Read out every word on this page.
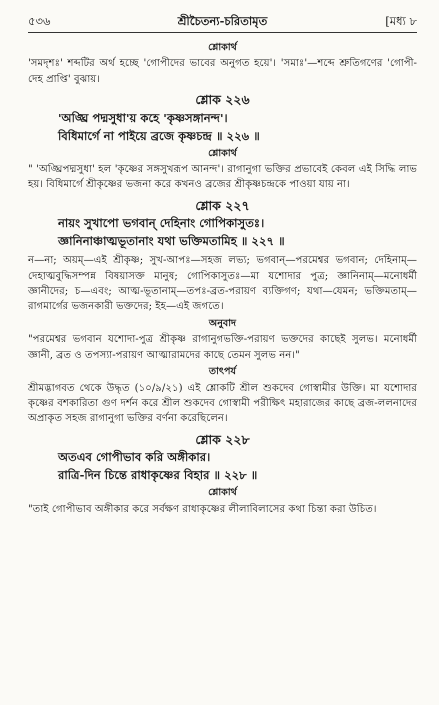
৫৩৬	শ্রীচৈতন্য-চরিতামৃত	[মধ্য ৮
শ্লোকার্থ

'সমদৃশঃ' শব্দটির অর্থ হচ্ছে 'গোপীদের ভাবের অনুগত হয়ে'। 'সমাঃ'—শব্দে শ্রুতিগণের 'গোপী-দেহ প্রাপ্তি' বুঝায়।

শ্লোক ২২৬

'অঙ্ঘ্রি পদ্মসুধা'য় কহে 'কৃষ্ণসঙ্গানন্দ'।

বিধিমার্গে না পাইয়ে ব্রজে কৃষ্ণচন্দ্র ॥ ২২৬ ॥

শ্লোকার্থ

" 'অঙ্ঘ্রিপদ্মসুধা' হল 'কৃষ্ণের সঙ্গসুখরূপ আনন্দ'। রাগানুগা ভক্তির প্রভাবেই কেবল এই সিদ্ধি লাভ হয়। বিধিমার্গে শ্রীকৃষ্ণের ভজনা করে কখনও ব্রজের শ্রীকৃষ্ণচন্দ্রকে পাওয়া যায় না।

শ্লোক ২২৭

নায়ং সুখাপো ভগবান্ দেহিনাং গোপিকাসুতঃ।

জ্ঞানিনাঞ্চাত্মভূতানাং যথা ভক্তিমতামিহ ॥ ২২৭ ॥

ন—না; অয়ম্—এই শ্রীকৃষ্ণ; সুখ-আপঃ—সহজ লভ্য; ভগবান্—পরমেশ্বর ভগবান; দেহিনাম্—দেহাত্মবুদ্ধিসম্পন্ন বিষয়াসক্ত মানুষ; গোপিকাসুতঃ—মা যশোদার পুত্র; জ্ঞানিনাম্—মনোধর্মী জ্ঞানীদের; চ—এবং; আত্ম-ভূতানাম্—তপঃ-ব্রত-পরায়ণ ব্যক্তিগণ; যথা—যেমন; ভক্তিমতাম্—রাগমার্গের ভজনকারী ভক্তদের; ইহ—এই জগতে।

অনুবাদ

"পরমেশ্বর ভগবান যশোদা-পুত্র শ্রীকৃষ্ণ রাগানুগভক্তি-পরায়ণ ভক্তদের কাছেই সুলভ। মনোধর্মী জ্ঞানী, ব্রত ও তপস্যা-পরায়ণ আত্মারামদের কাছে তেমন সুলভ নন।"

তাৎপর্য

শ্রীমদ্ভাগবত থেকে উদ্ধৃত (১০/৯/২১) এই শ্লোকটি শ্রীল শুকদেব গোস্বামীর উক্তি। মা যশোদার কৃষ্ণের বশকারিতা গুণ দর্শন করে শ্রীল শুকদেব গোস্বামী পরীক্ষিৎ মহারাজের কাছে ব্রজ-ললনাদের অপ্রাকৃত সহজ রাগানুগা ভক্তির বর্ণনা করেছিলেন।

শ্লোক ২২৮

অতএব গোপীভাব করি অঙ্গীকার।

রাত্রি-দিন চিন্তে রাধাকৃষ্ণের বিহার ॥ ২২৮ ॥

শ্লোকার্থ

"তাই গোপীভাব অঙ্গীকার করে সর্বক্ষণ রাধাকৃষ্ণের লীলাবিলাসের কথা চিন্তা করা উচিত।
